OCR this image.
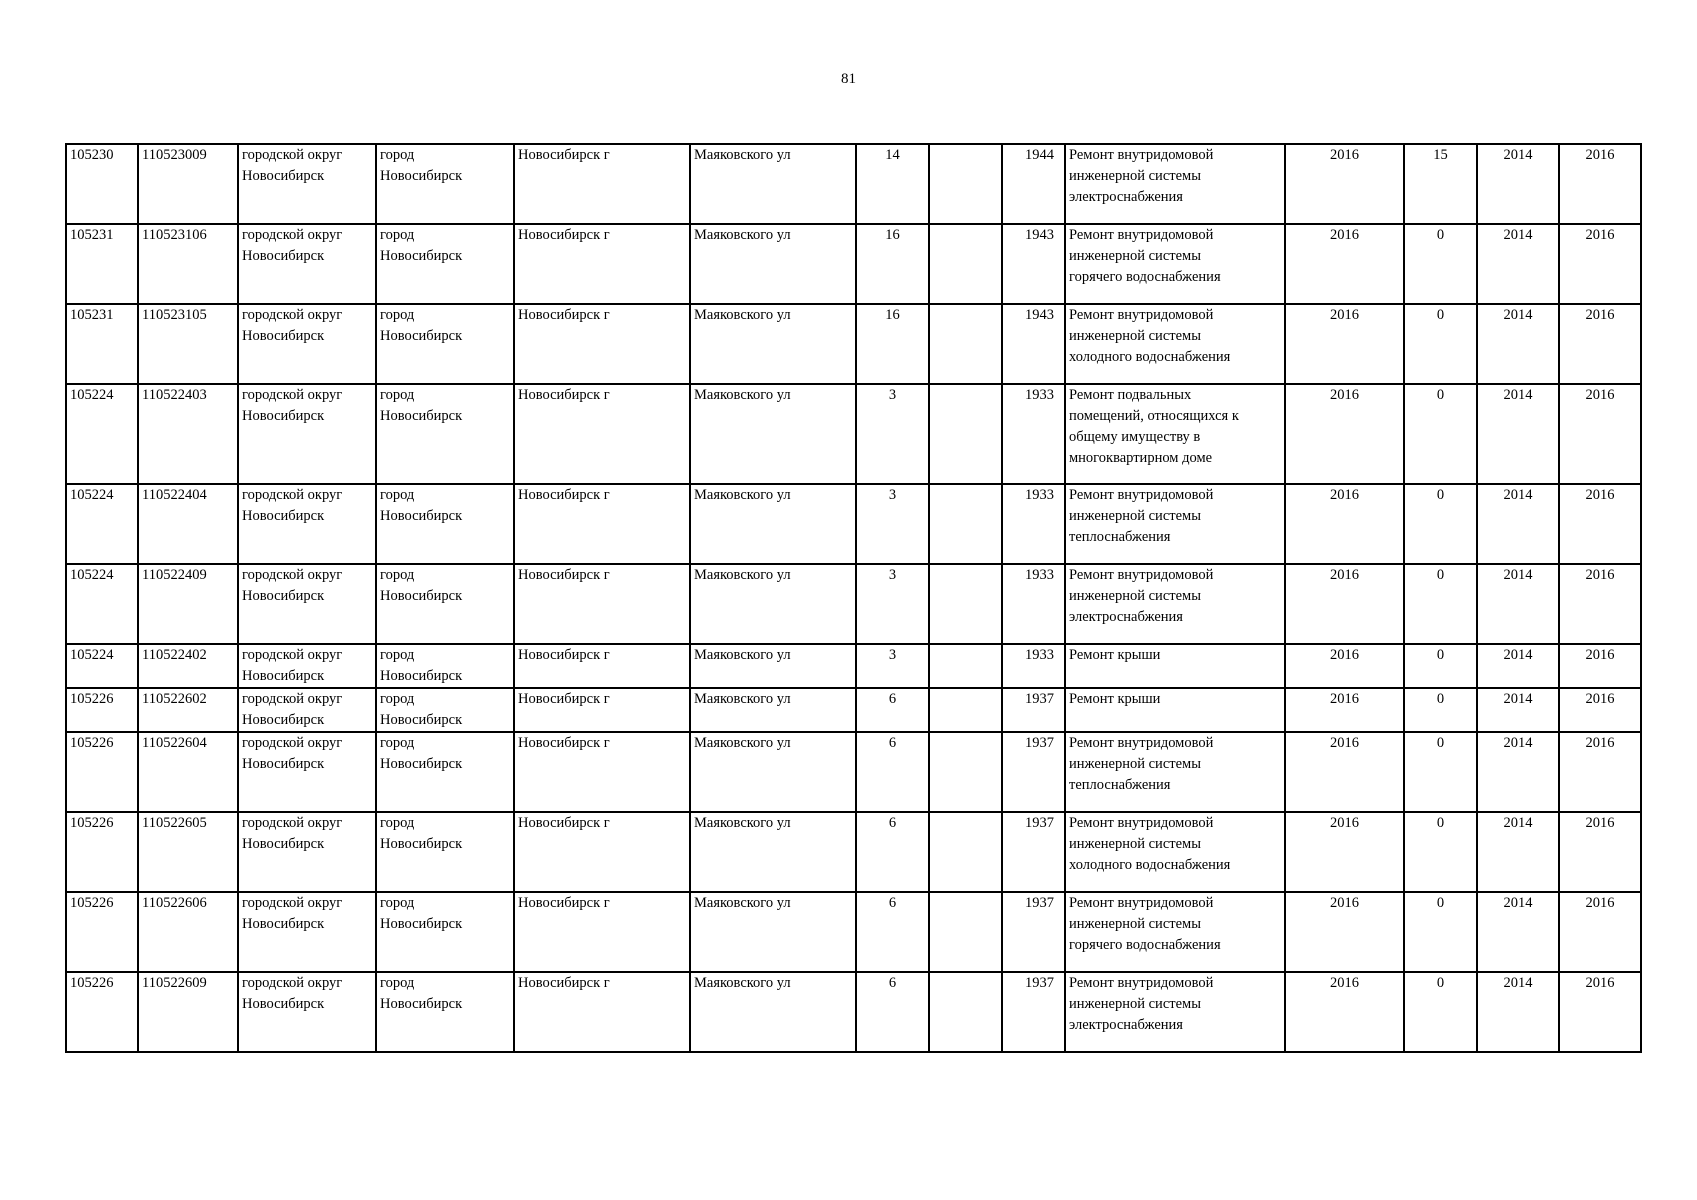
81
105230	110523009	городской округ
Новосибирск	город
Новосибирск	Новосибирск г	Маяковского ул	14		1944	Ремонт внутридомовой
инженерной системы
электроснабжения	2016	15	2014	2016
105231	110523106	городской округ
Новосибирск	город
Новосибирск	Новосибирск г	Маяковского ул	16		1943	Ремонт внутридомовой
инженерной системы
горячего водоснабжения	2016	0	2014	2016
105231	110523105	городской округ
Новосибирск	город
Новосибирск	Новосибирск г	Маяковского ул	16		1943	Ремонт внутридомовой
инженерной системы
холодного водоснабжения	2016	0	2014	2016
105224	110522403	городской округ
Новосибирск	город
Новосибирск	Новосибирск г	Маяковского ул	3		1933	Ремонт подвальных
помещений, относящихся к
общему имуществу в
многоквартирном доме	2016	0	2014	2016
105224	110522404	городской округ
Новосибирск	город
Новосибирск	Новосибирск г	Маяковского ул	3		1933	Ремонт внутридомовой
инженерной системы
теплоснабжения	2016	0	2014	2016
105224	110522409	городской округ
Новосибирск	город
Новосибирск	Новосибирск г	Маяковского ул	3		1933	Ремонт внутридомовой
инженерной системы
электроснабжения	2016	0	2014	2016
105224	110522402	городской округ
Новосибирск	город
Новосибирск	Новосибирск г	Маяковского ул	3		1933	Ремонт крыши	2016	0	2014	2016
105226	110522602	городской округ
Новосибирск	город
Новосибирск	Новосибирск г	Маяковского ул	6		1937	Ремонт крыши	2016	0	2014	2016
105226	110522604	городской округ
Новосибирск	город
Новосибирск	Новосибирск г	Маяковского ул	6		1937	Ремонт внутридомовой
инженерной системы
теплоснабжения	2016	0	2014	2016
105226	110522605	городской округ
Новосибирск	город
Новосибирск	Новосибирск г	Маяковского ул	6		1937	Ремонт внутридомовой
инженерной системы
холодного водоснабжения	2016	0	2014	2016
105226	110522606	городской округ
Новосибирск	город
Новосибирск	Новосибирск г	Маяковского ул	6		1937	Ремонт внутридомовой
инженерной системы
горячего водоснабжения	2016	0	2014	2016
105226	110522609	городской округ
Новосибирск	город
Новосибирск	Новосибирск г	Маяковского ул	6		1937	Ремонт внутридомовой
инженерной системы
электроснабжения	2016	0	2014	2016
